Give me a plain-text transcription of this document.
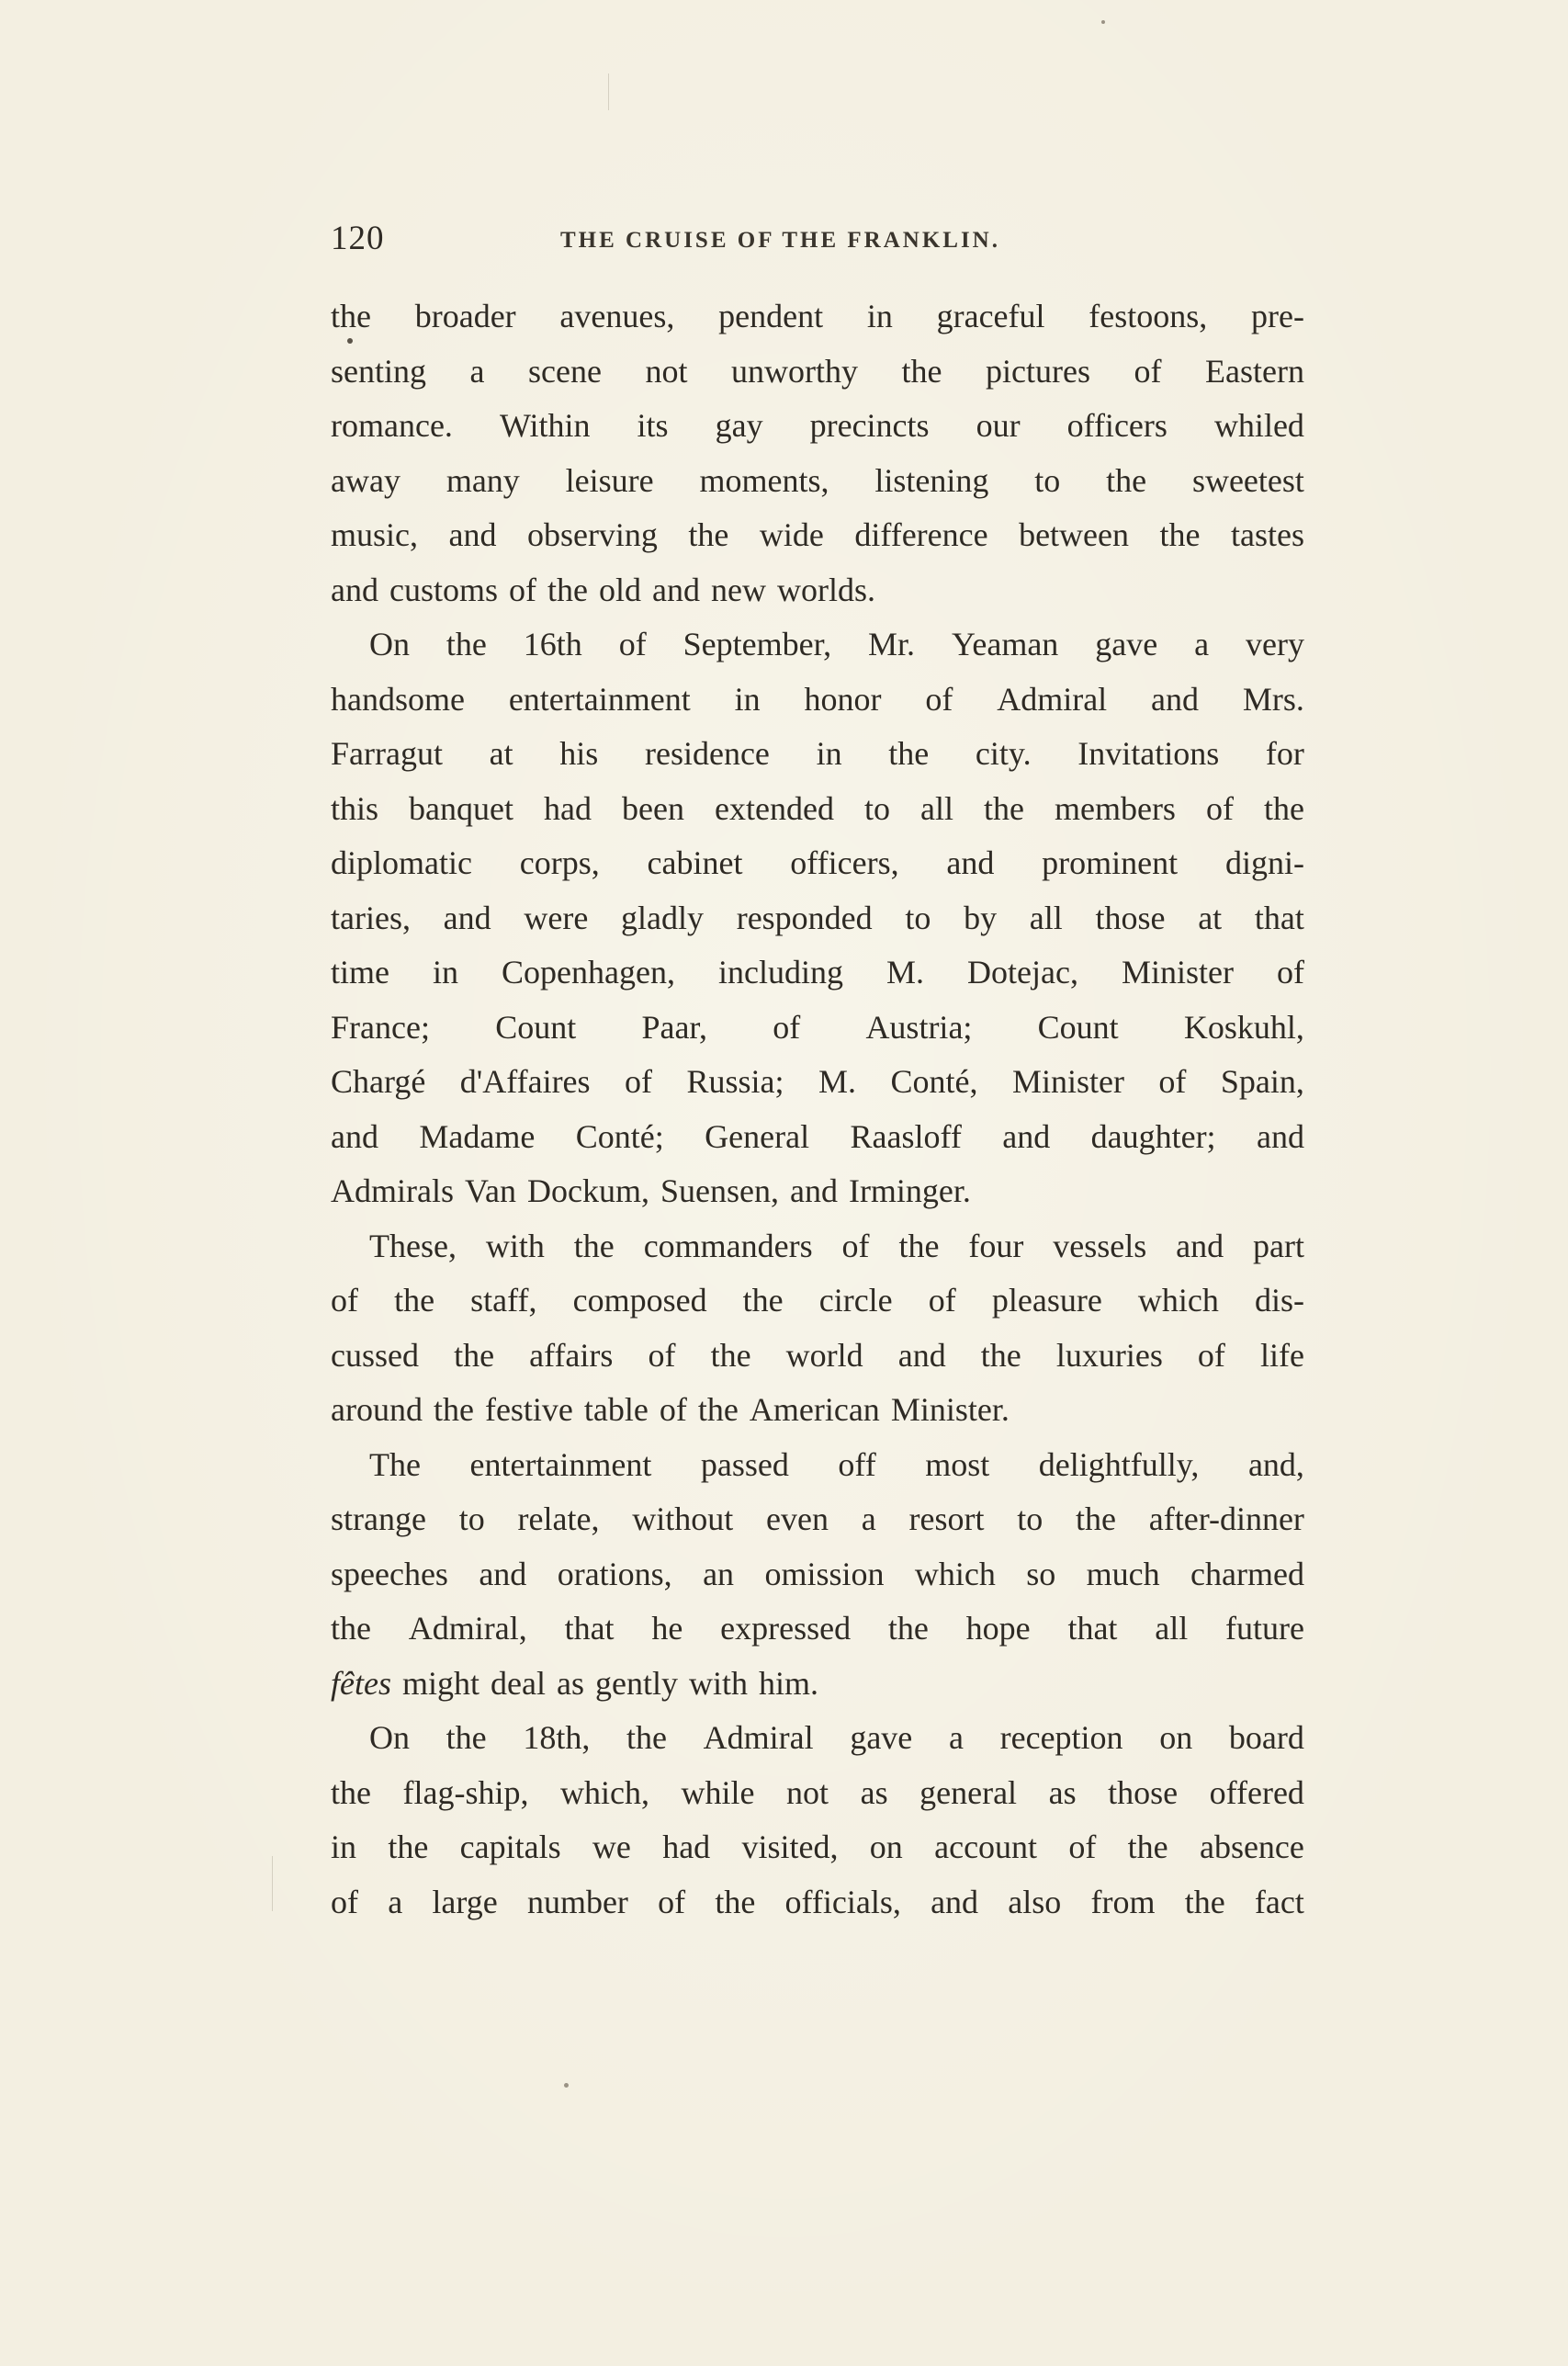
120	THE CRUISE OF THE FRANKLIN.
the broader avenues, pendent in graceful festoons, pre-
senting a scene not unworthy the pictures of Eastern
romance. Within its gay precincts our officers whiled
away many leisure moments, listening to the sweetest
music, and observing the wide difference between the tastes
and customs of the old and new worlds.
On the 16th of September, Mr. Yeaman gave a very
handsome entertainment in honor of Admiral and Mrs.
Farragut at his residence in the city. Invitations for
this banquet had been extended to all the members of the
diplomatic corps, cabinet officers, and prominent digni-
taries, and were gladly responded to by all those at that
time in Copenhagen, including M. Dotejac, Minister of
France; Count Paar, of Austria; Count Koskuhl,
Chargé d'Affaires of Russia; M. Conté, Minister of Spain,
and Madame Conté; General Raasloff and daughter; and
Admirals Van Dockum, Suensen, and Irminger.
These, with the commanders of the four vessels and part
of the staff, composed the circle of pleasure which dis-
cussed the affairs of the world and the luxuries of life
around the festive table of the American Minister.
The entertainment passed off most delightfully, and,
strange to relate, without even a resort to the after-dinner
speeches and orations, an omission which so much charmed
the Admiral, that he expressed the hope that all future
fêtes might deal as gently with him.
On the 18th, the Admiral gave a reception on board
the flag-ship, which, while not as general as those offered
in the capitals we had visited, on account of the absence
of a large number of the officials, and also from the fact
